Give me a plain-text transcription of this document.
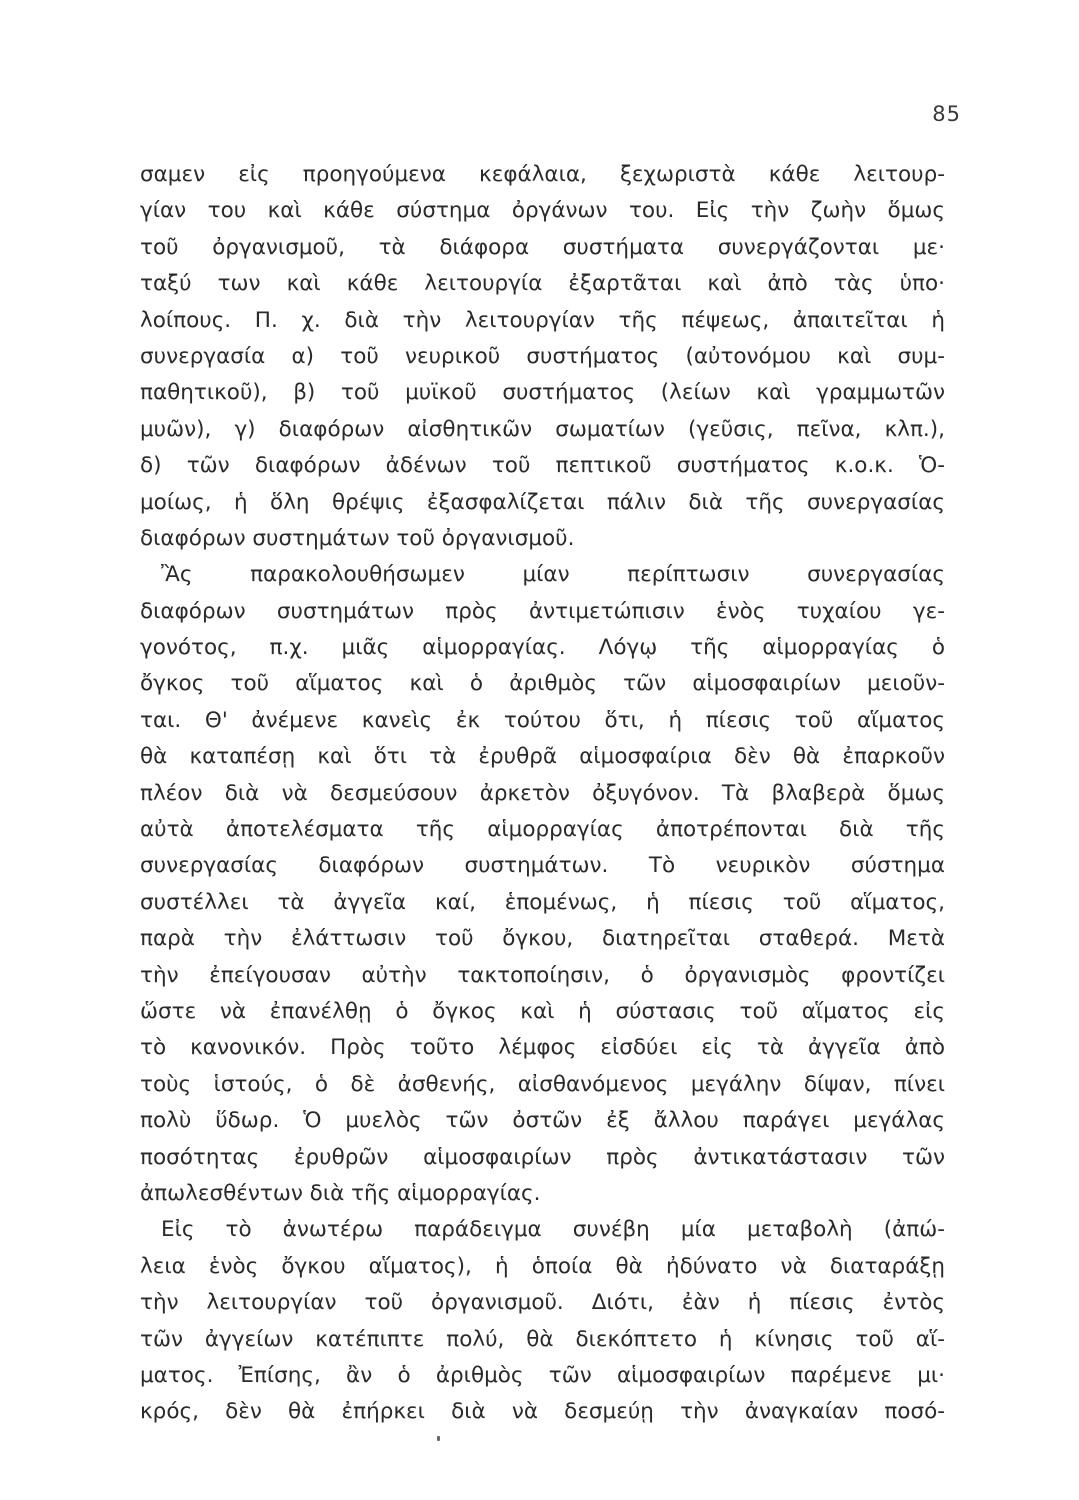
85
σαμεν εἰς προηγούμενα κεφάλαια, ξεχωριστὰ κάθε λειτουρ-
γίαν του καὶ κάθε σύστημα ὀργάνων του. Εἰς τὴν ζωὴν ὅμως
τοῦ ὀργανισμοῦ, τὰ διάφορα συστήματα συνεργάζονται με·
ταξύ των καὶ κάθε λειτουργία ἐξαρτᾶται καὶ ἀπὸ τὰς ὑπο·
λοίπους. Π. χ. διὰ τὴν λειτουργίαν τῆς πέψεως, ἀπαιτεῖται ἡ
συνεργασία α) τοῦ νευρικοῦ συστήματος (αὐτονόμου καὶ συμ-
παθητικοῦ), β) τοῦ μυϊκοῦ συστήματος (λείων καὶ γραμμωτῶν
μυῶν), γ) διαφόρων αἰσθητικῶν σωματίων (γεῦσις, πεῖνα, κλπ.),
δ) τῶν διαφόρων ἀδένων τοῦ πεπτικοῦ συστήματος κ.ο.κ. Ὁ-
μοίως, ἡ ὅλη θρέψις ἐξασφαλίζεται πάλιν διὰ τῆς συνεργασίας
διαφόρων συστημάτων τοῦ ὀργανισμοῦ.
Ἂς παρακολουθήσωμεν μίαν περίπτωσιν συνεργασίας
διαφόρων συστημάτων πρὸς ἀντιμετώπισιν ἑνὸς τυχαίου γε-
γονότος, π.χ. μιᾶς αἱμορραγίας. Λόγῳ τῆς αἱμορραγίας ὁ
ὄγκος τοῦ αἵματος καὶ ὁ ἀριθμὸς τῶν αἱμοσφαιρίων μειοῦν-
ται. Θ' ἀνέμενε κανεὶς ἐκ τούτου ὅτι, ἡ πίεσις τοῦ αἵματος
θὰ καταπέσῃ καὶ ὅτι τὰ ἐρυθρᾶ αἱμοσφαίρια δὲν θὰ ἐπαρκοῦν
πλέον διὰ νὰ δεσμεύσουν ἀρκετὸν ὀξυγόνον. Τὰ βλαβερὰ ὅμως
αὐτὰ ἀποτελέσματα τῆς αἱμορραγίας ἀποτρέπονται διὰ τῆς
συνεργασίας διαφόρων συστημάτων. Τὸ νευρικὸν σύστημα
συστέλλει τὰ ἀγγεῖα καί, ἑπομένως, ἡ πίεσις τοῦ αἵματος,
παρὰ τὴν ἐλάττωσιν τοῦ ὄγκου, διατηρεῖται σταθερά. Μετὰ
τὴν ἐπείγουσαν αὐτὴν τακτοποίησιν, ὁ ὀργανισμὸς φροντίζει
ὥστε νὰ ἐπανέλθῃ ὁ ὄγκος καὶ ἡ σύστασις τοῦ αἵματος εἰς
τὸ κανονικόν. Πρὸς τοῦτο λέμφος εἰσδύει εἰς τὰ ἀγγεῖα ἀπὸ
τοὺς ἱστούς, ὁ δὲ ἀσθενής, αἰσθανόμενος μεγάλην δίψαν, πίνει
πολὺ ὕδωρ. Ὁ μυελὸς τῶν ὀστῶν ἐξ ἄλλου παράγει μεγάλας
ποσότητας ἐρυθρῶν αἱμοσφαιρίων πρὸς ἀντικατάστασιν τῶν
ἀπωλεσθέντων διὰ τῆς αἱμορραγίας.
Εἰς τὸ ἀνωτέρω παράδειγμα συνέβη μία μεταβολὴ (ἀπώ-
λεια ἑνὸς ὄγκου αἵματος), ἡ ὁποία θὰ ἠδύνατο νὰ διαταράξῃ
τὴν λειτουργίαν τοῦ ὀργανισμοῦ. Διότι, ἐὰν ἡ πίεσις ἐντὸς
τῶν ἀγγείων κατέπιπτε πολύ, θὰ διεκόπτετο ἡ κίνησις τοῦ αἵ-
ματος. Ἐπίσης, ἂν ὁ ἀριθμὸς τῶν αἱμοσφαιρίων παρέμενε μι·
κρός, δὲν θὰ ἐπήρκει διὰ νὰ δεσμεύῃ τὴν ἀναγκαίαν ποσό-
